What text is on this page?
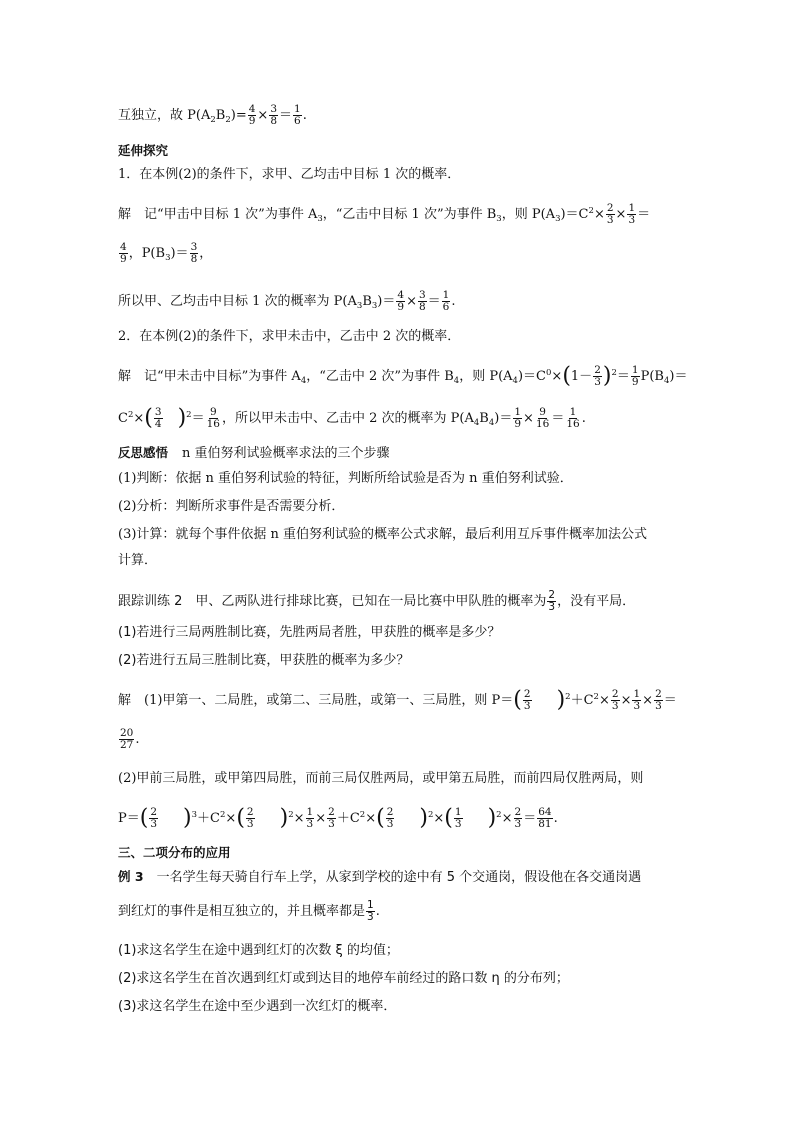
互独立，故 $P(A_2B_2)= \frac{4}{9} \times \frac{3}{8} = \frac{1}{6}$ .
延伸探究
1．在本例(2)的条件下，求甲、乙均击中目标 1 次的概率．
解　记“甲击中目标 1 次”为事件 $A_3$，“乙击中目标 1 次”为事件 $B_3$，则 $P(A_3)=C^2\times \frac{2}{3} \times \frac{1}{3}$ ＝
$\frac{4}{9}$ ，$P(B_3)= \frac{3}{8}$ ，
所以甲、乙均击中目标 1 次的概率为 $P(A_3B_3)= \frac{4}{9} \times \frac{3}{8} = \frac{1}{6}$ .
2．在本例(2)的条件下，求甲未击中，乙击中 2 次的概率．
解　记“甲未击中目标”为事件 $A_4$，“乙击中 2 次”为事件 $B_4$，则 $P(A_4)=C^0\times(1- \frac{2}{3} )^2= \frac{1}{9} P(B_4)=$
$C^2\times( \frac{3}{4} )^2= \frac{9}{16}$ ，所以甲未击中、乙击中 2 次的概率为 $P(A_4B_4)= \frac{1}{9} \times \frac{9}{16} = \frac{1}{16}$ .
反思感悟 n 重伯努利试验概率求法的三个步骤
(1)判断：依据 n 重伯努利试验的特征，判断所给试验是否为 n 重伯努利试验．
(2)分析：判断所求事件是否需要分析．
(3)计算：就每个事件依据 n 重伯努利试验的概率公式求解，最后利用互斥事件概率加法公式
计算．
跟踪训练 2　甲、乙两队进行排球比赛，已知在一局比赛中甲队胜的概率为 $\frac{2}{3}$ ，没有平局．
(1)若进行三局两胜制比赛，先胜两局者胜，甲获胜的概率是多少？
(2)若进行五局三胜制比赛，甲获胜的概率为多少？
解　(1)甲第一、二局胜，或第二、三局胜，或第一、三局胜，则 $P=( \frac{2}{3} )^2+C^2\times \frac{2}{3} \times \frac{1}{3} \times \frac{2}{3}$ ＝
$\frac{20}{27}$ .
(2)甲前三局胜，或甲第四局胜，而前三局仅胜两局，或甲第五局胜，而前四局仅胜两局，则
$P=( \frac{2}{3} )^3+C^2\times( \frac{2}{3} )^2\times \frac{1}{3} \times \frac{2}{3} +C^2\times( \frac{2}{3} )^2\times( \frac{1}{3} )^2\times \frac{2}{3} = \frac{64}{81}$ .
三、二项分布的应用
例 3　一名学生每天骑自行车上学，从家到学校的途中有 5 个交通岗，假设他在各交通岗遇
到红灯的事件是相互独立的，并且概率都是 $\frac{1}{3}$ .
(1)求这名学生在途中遇到红灯的次数 ξ 的均值；
(2)求这名学生在首次遇到红灯或到达目的地停车前经过的路口数 η 的分布列；
(3)求这名学生在途中至少遇到一次红灯的概率．
